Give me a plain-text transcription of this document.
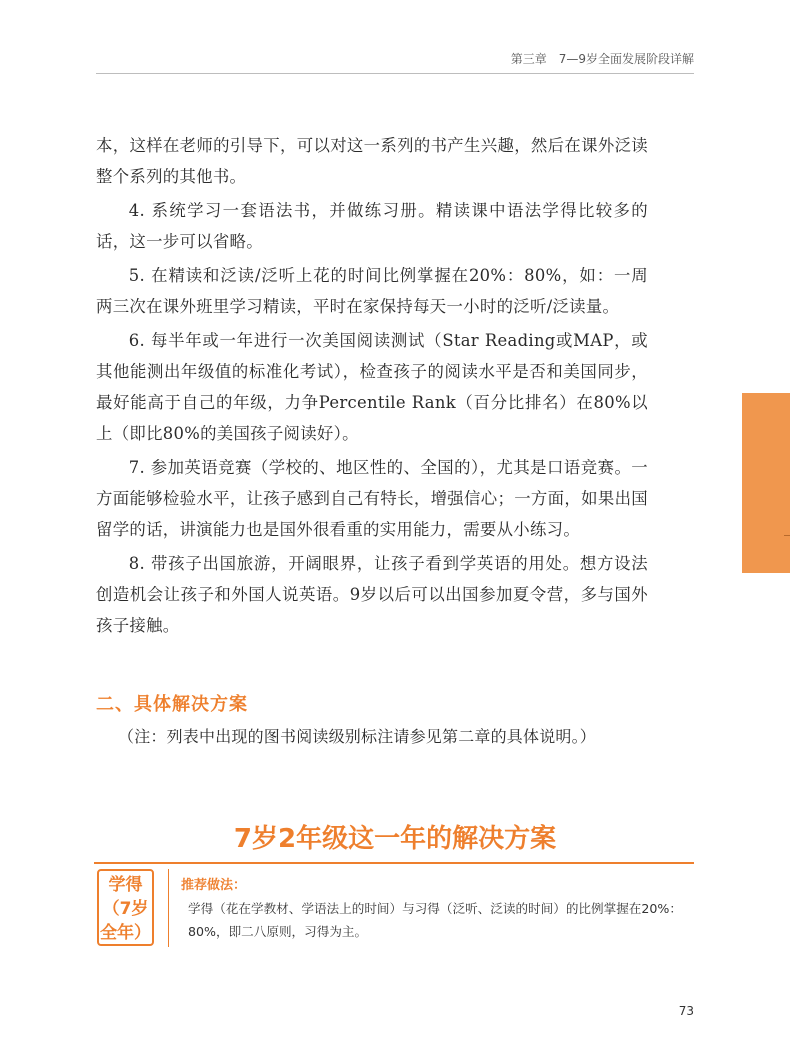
第三章 7—9岁全面发展阶段详解

本，这样在老师的引导下，可以对这一系列的书产生兴趣，然后在课外泛读整个系列的其他书。

4. 系统学习一套语法书，并做练习册。精读课中语法学得比较多的话，这一步可以省略。

5. 在精读和泛读/泛听上花的时间比例掌握在20%：80%，如：一周两三次在课外班里学习精读，平时在家保持每天一小时的泛听/泛读量。

6. 每半年或一年进行一次美国阅读测试（Star Reading或MAP，或其他能测出年级值的标准化考试），检查孩子的阅读水平是否和美国同步，最好能高于自己的年级，力争Percentile Rank（百分比排名）在80%以上（即比80%的美国孩子阅读好）。

7. 参加英语竞赛（学校的、地区性的、全国的），尤其是口语竞赛。一方面能够检验水平，让孩子感到自己有特长，增强信心；一方面，如果出国留学的话，讲演能力也是国外很看重的实用能力，需要从小练习。

8. 带孩子出国旅游，开阔眼界，让孩子看到学英语的用处。想方设法创造机会让孩子和外国人说英语。9岁以后可以出国参加夏令营，多与国外孩子接触。

二、具体解决方案
（注：列表中出现的图书阅读级别标注请参见第二章的具体说明。）
7岁2年级这一年的解决方案
学得
（7岁
全年）
推荐做法：
学得（花在学教材、学语法上的时间）与习得（泛听、泛读的时间）的比例掌握在20%：80%，即二八原则，习得为主。
73
